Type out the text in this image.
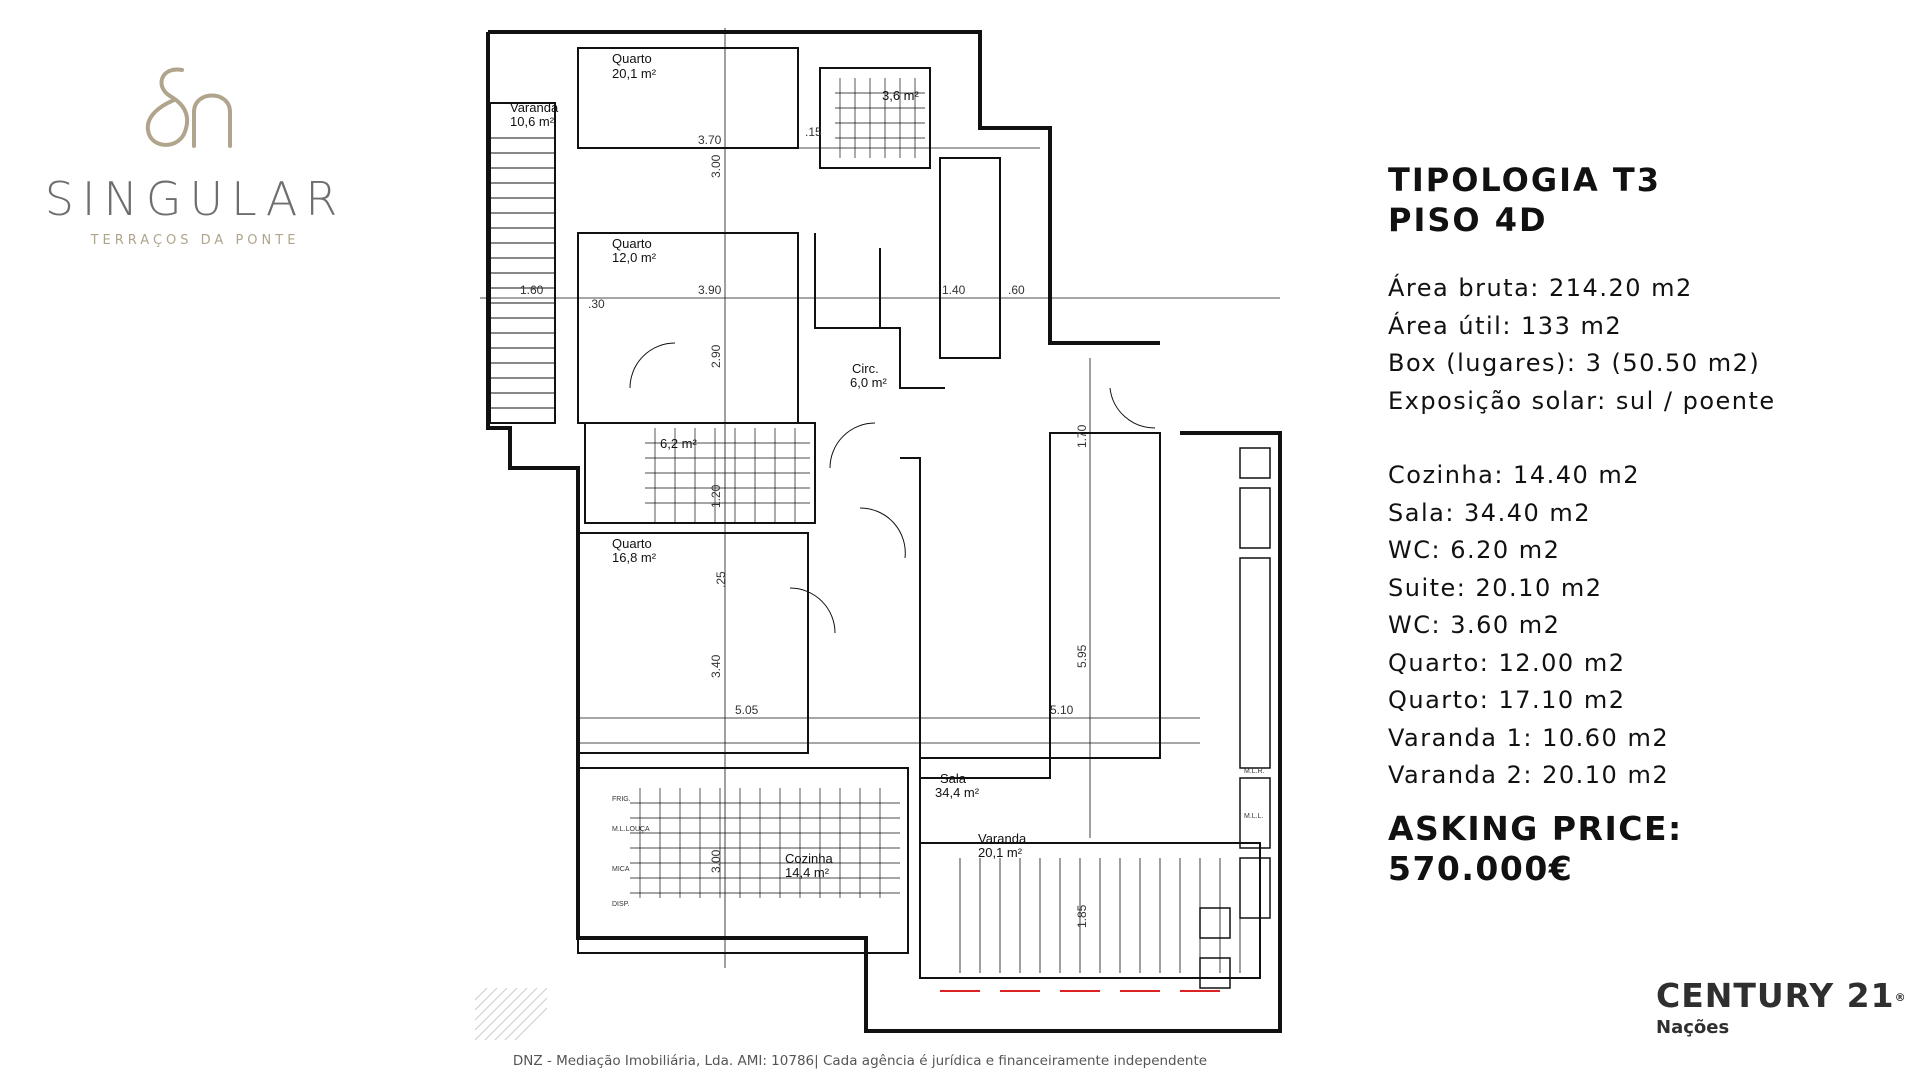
SINGULAR
TERRAÇOS DA PONTE
Quarto
20,1 m²
Varanda
10,6 m²
Quarto
12,0 m²
Circ.
6,0 m²
Quarto
16,8 m²
Sala
34,4 m²
Varanda
20,1 m²
Cozinha
14,4 m²
6,2 m²
3,6 m²
3.70
3.00
1.60	3.90
2.90
1.40
1.70
5.95
3.40
5.05	5.10
3.00
1.85
.15
.30
.60
.25
1.20
FRIG.
M.L.LOUÇA
MICA
DISP.
M.L.R.
M.L.L.
TIPOLOGIA T3
PISO 4D
Área bruta: 214.20 m2
Área útil: 133 m2
Box (lugares): 3 (50.50 m2)
Exposição solar: sul / poente
Cozinha: 14.40 m2
Sala: 34.40 m2
WC: 6.20 m2
Suite: 20.10 m2
WC: 3.60 m2
Quarto: 12.00 m2
Quarto: 17.10 m2
Varanda 1: 10.60 m2
Varanda 2: 20.10 m2
ASKING PRICE:
570.000€
CENTURY 21®
Nações
DNZ - Mediação Imobiliária, Lda. AMI: 10786| Cada agência é jurídica e financeiramente independente
